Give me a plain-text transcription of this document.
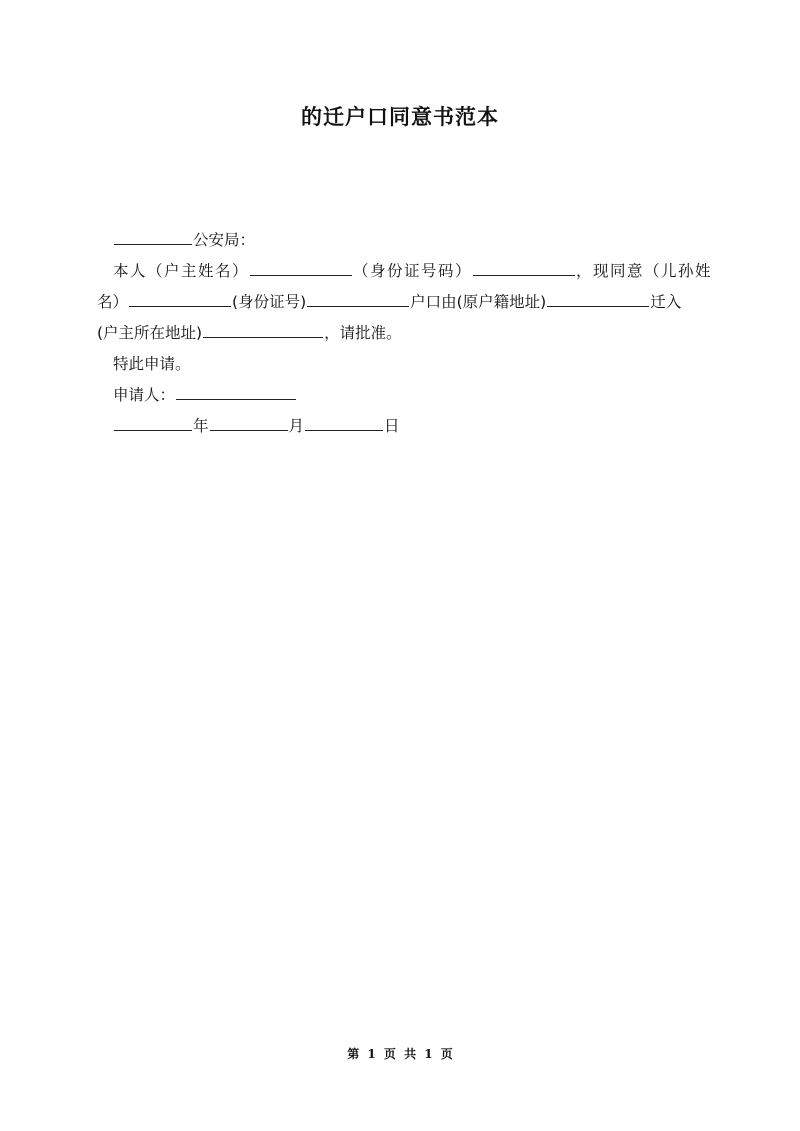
的迁户口同意书范本
公安局：
本人（户主姓名）	（身份证号码）	，现同意（儿孙姓
名）	(身份证号)	户口由(原户籍地址)	迁入
(户主所在地址)	，请批准。
特此申请。
申请人：
年	月	日
第 1 页 共 1 页
